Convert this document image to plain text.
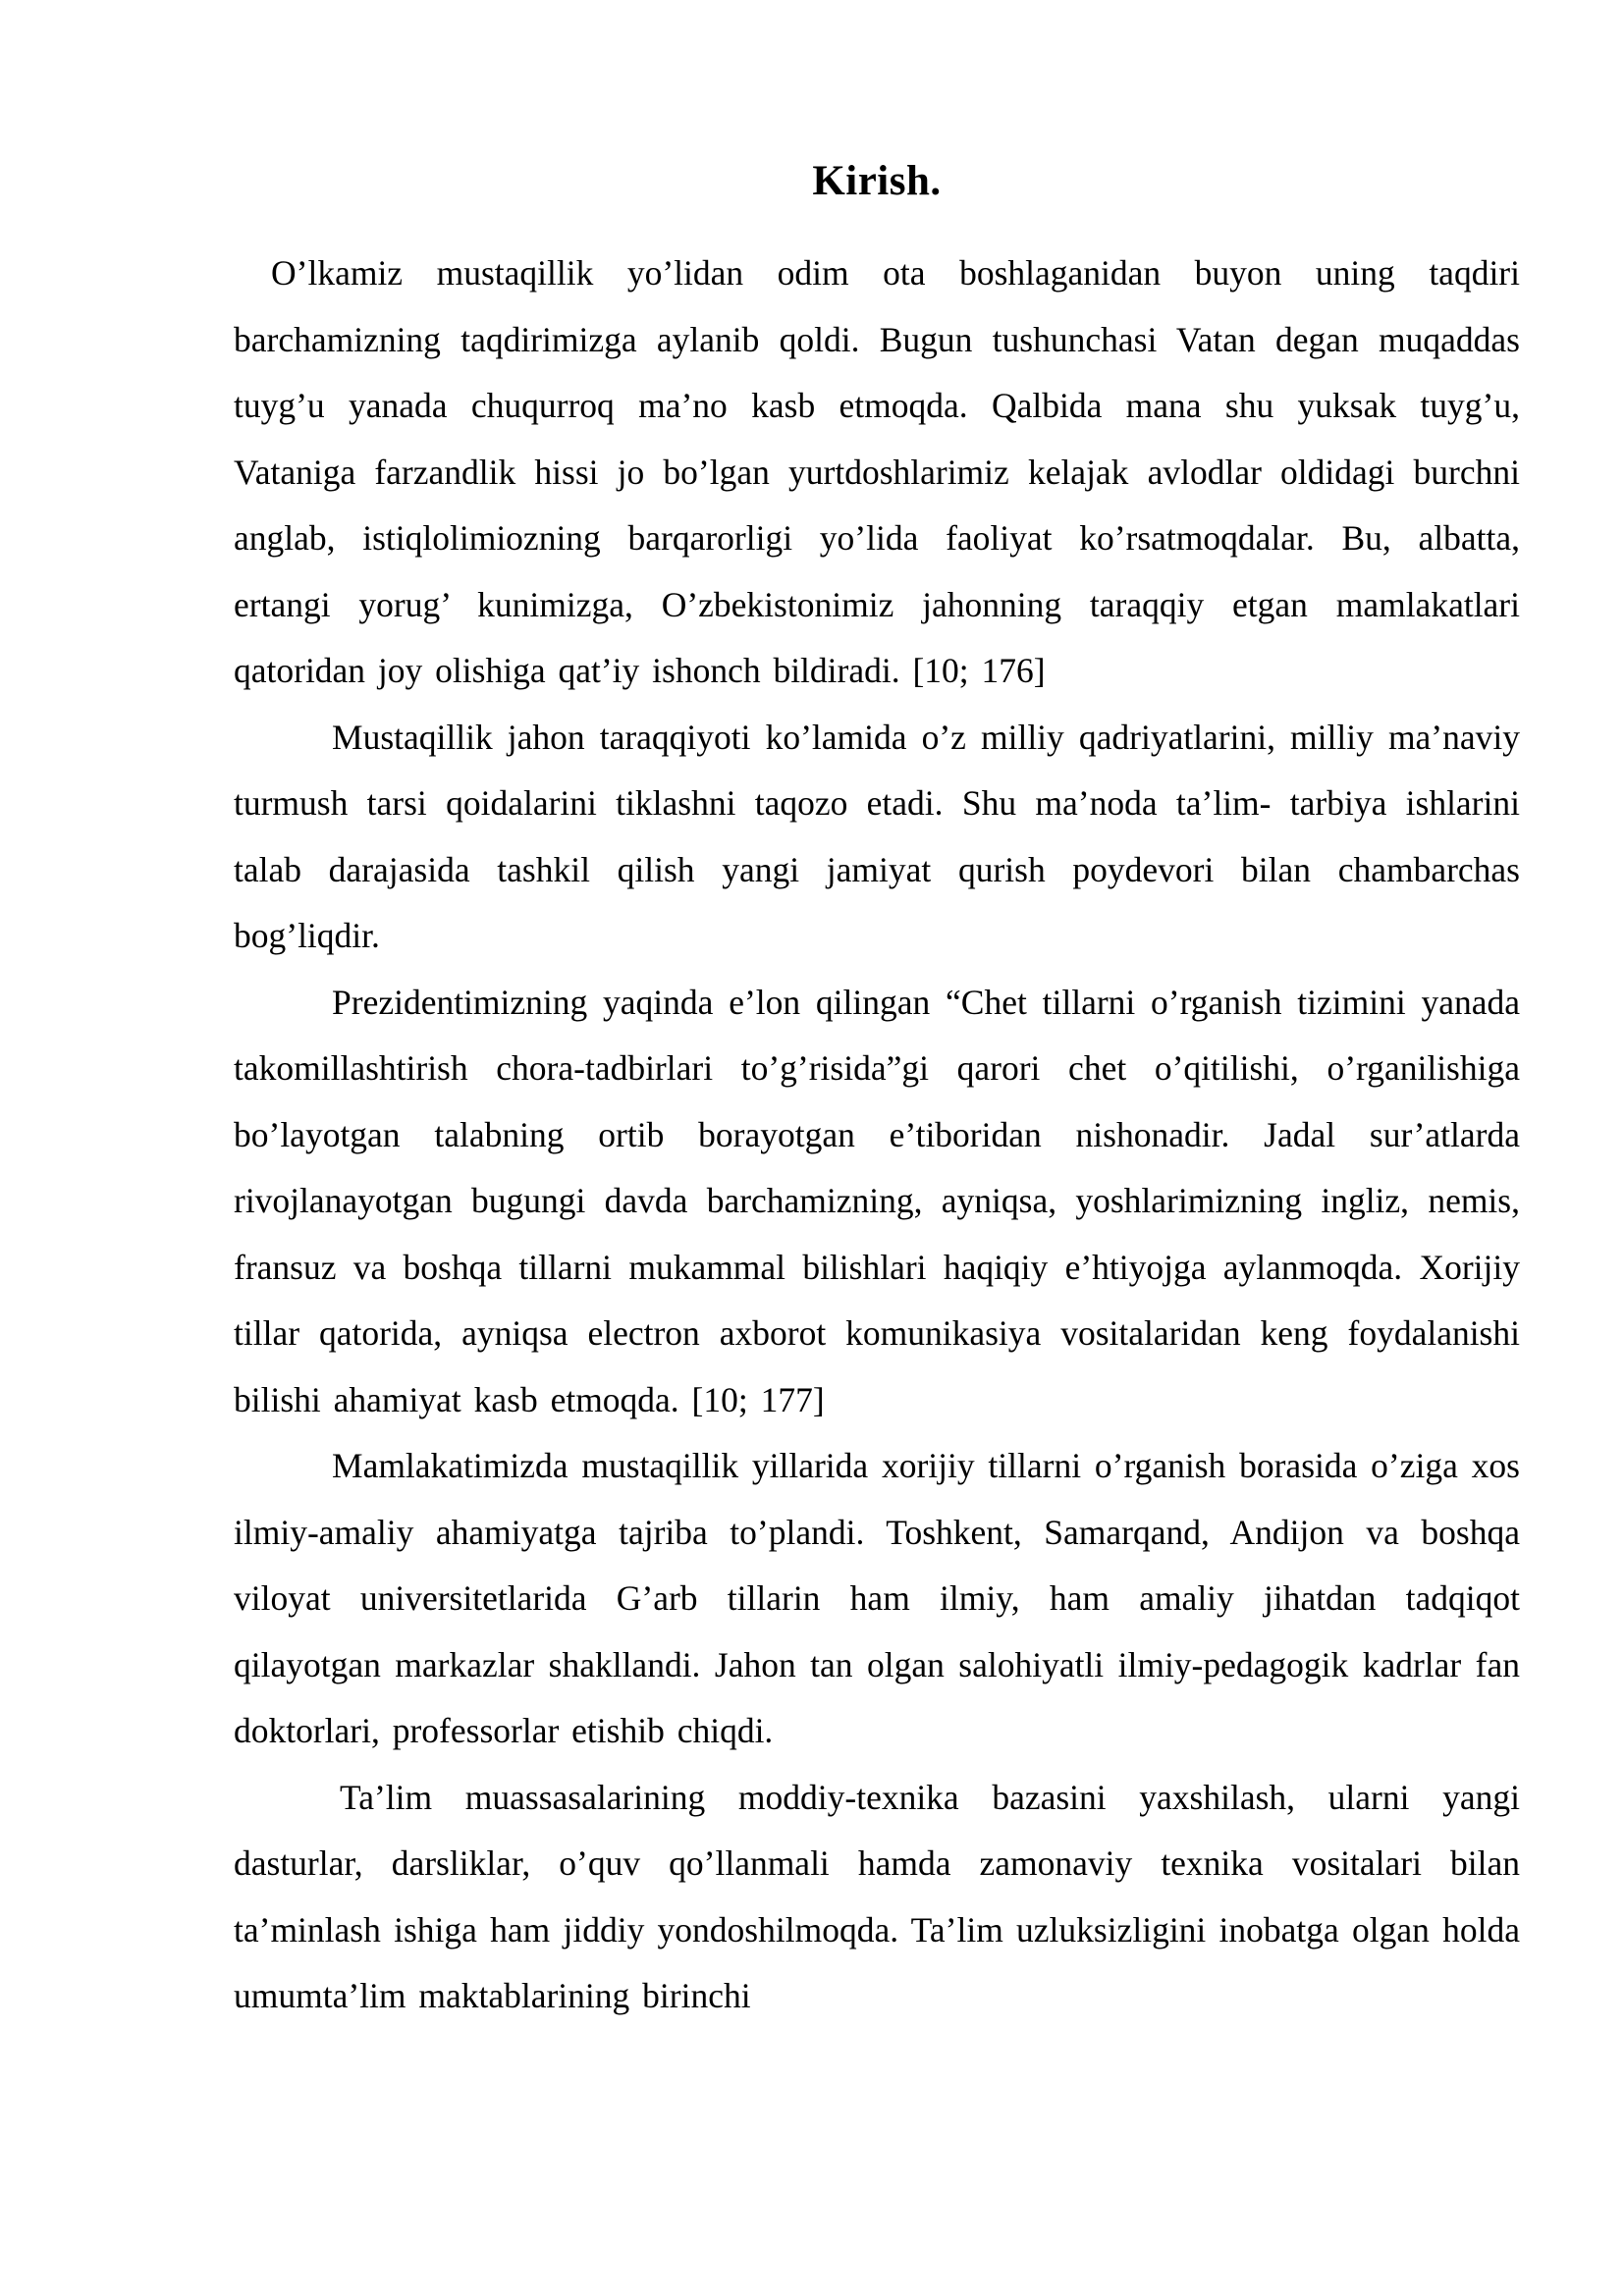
Kirish.

O’lkamiz mustaqillik yo’lidan odim ota boshlaganidan buyon uning taqdiri barchamizning taqdirimizga aylanib qoldi. Bugun tushunchasi Vatan degan muqaddas tuyg’u yanada chuqurroq ma’no kasb etmoqda. Qalbida mana shu yuksak tuyg’u, Vataniga farzandlik hissi jo bo’lgan yurtdoshlarimiz kelajak avlodlar oldidagi burchni anglab, istiqlolimiozning barqarorligi yo’lida faoliyat ko’rsatmoqdalar. Bu, albatta, ertangi yorug’ kunimizga, O’zbekistonimiz jahonning taraqqiy etgan mamlakatlari qatoridan joy olishiga qat’iy ishonch bildiradi. [10; 176]

Mustaqillik jahon taraqqiyoti ko’lamida o’z milliy qadriyatlarini, milliy ma’naviy turmush tarsi qoidalarini tiklashni taqozo etadi. Shu ma’noda ta’lim- tarbiya ishlarini talab darajasida tashkil qilish yangi jamiyat qurish poydevori bilan chambarchas bog’liqdir.

Prezidentimizning yaqinda e’lon qilingan “Chet tillarni o’rganish tizimini yanada takomillashtirish chora-tadbirlari to’g’risida”gi qarori chet o’qitilishi, o’rganilishiga bo’layotgan talabning ortib borayotgan e’tiboridan nishonadir. Jadal sur’atlarda rivojlanayotgan bugungi davda barchamizning, ayniqsa, yoshlarimizning ingliz, nemis, fransuz va boshqa tillarni mukammal bilishlari haqiqiy e’htiyojga aylanmoqda. Xorijiy tillar qatorida, ayniqsa electron axborot komunikasiya vositalaridan keng foydalanishi bilishi ahamiyat kasb etmoqda. [10; 177]

Mamlakatimizda mustaqillik yillarida xorijiy tillarni o’rganish borasida o’ziga xos ilmiy-amaliy ahamiyatga tajriba to’plandi. Toshkent, Samarqand, Andijon va boshqa viloyat universitetlarida G’arb tillarin ham ilmiy, ham amaliy jihatdan tadqiqot qilayotgan markazlar shakllandi. Jahon tan olgan salohiyatli ilmiy-pedagogik kadrlar fan doktorlari, professorlar etishib chiqdi.

Ta’lim muassasalarining moddiy-texnika bazasini yaxshilash, ularni yangi dasturlar, darsliklar, o’quv qo’llanmali hamda zamonaviy texnika vositalari bilan ta’minlash ishiga ham jiddiy yondoshilmoqda. Ta’lim uzluksizligini inobatga olgan holda umumta’lim maktablarining birinchi
